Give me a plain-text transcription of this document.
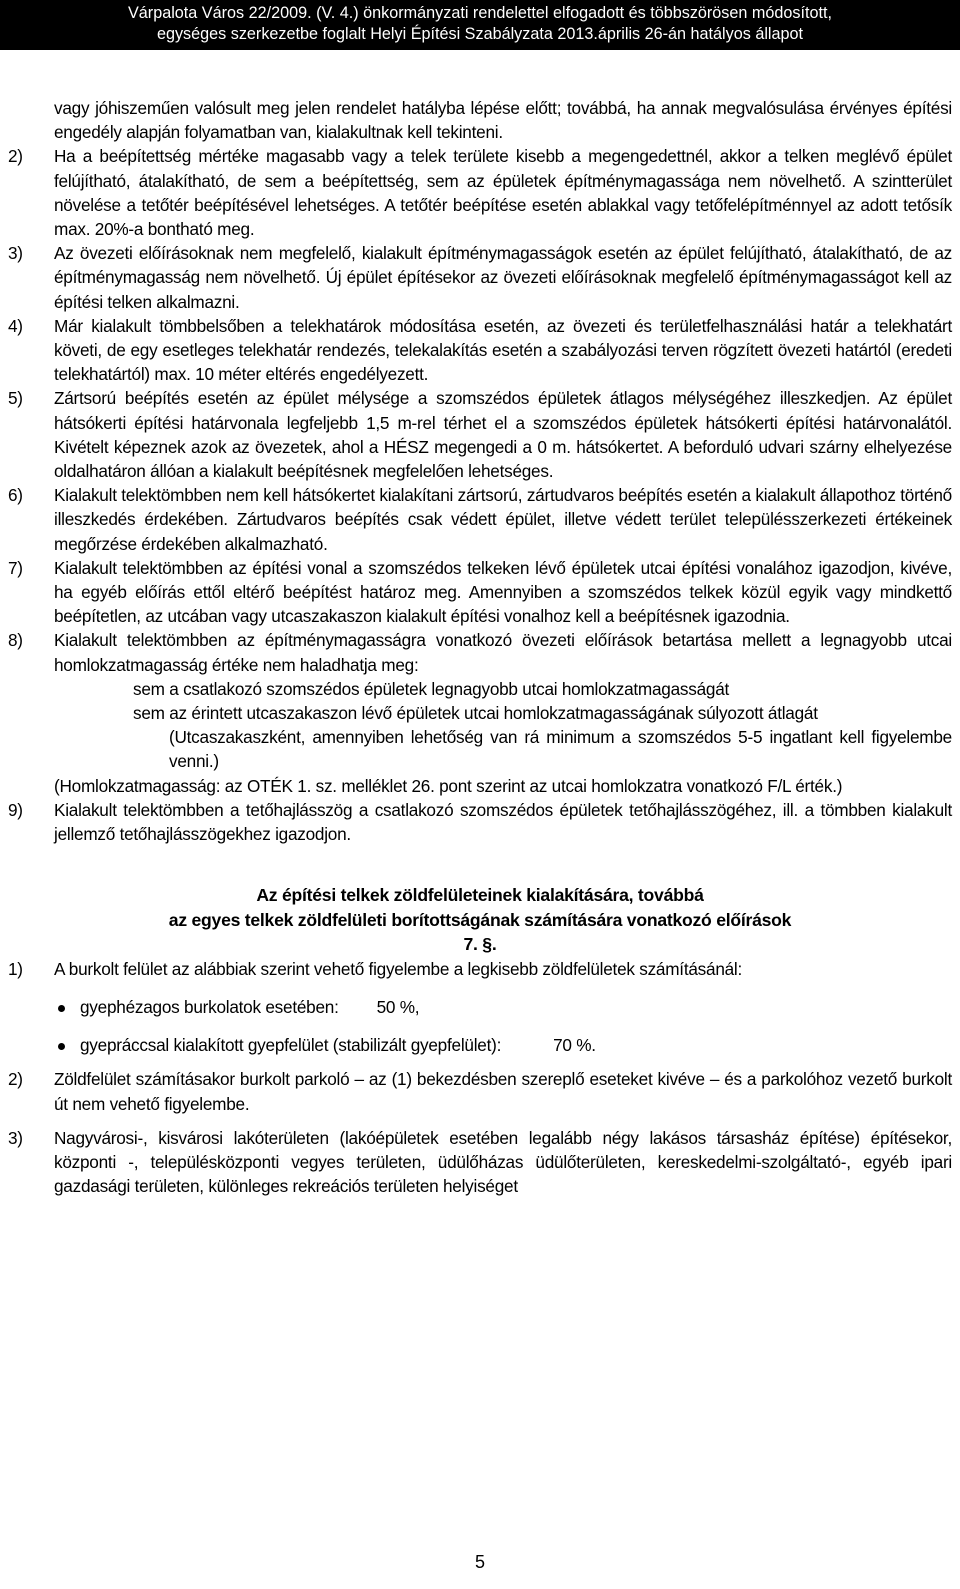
Várpalota Város 22/2009. (V. 4.) önkormányzati rendelettel elfogadott és többszörösen módosított,
egységes szerkezetbe foglalt Helyi Építési Szabályzata 2013.április 26-án hatályos állapot
vagy jóhiszeműen valósult meg jelen rendelet hatályba lépése előtt; továbbá, ha annak megvalósulása érvényes építési engedély alapján folyamatban van, kialakultnak kell tekinteni.
2) Ha a beépítettség mértéke magasabb vagy a telek területe kisebb a megengedettnél, akkor a telken meglévő épület felújítható, átalakítható, de sem a beépítettség, sem az épületek építménymagassága nem növelhető. A szintterület növelése a tetőtér beépítésével lehetséges. A tetőtér beépítése esetén ablakkal vagy tetőfelépítménnyel az adott tetősík max. 20%-a bontható meg.
3) Az övezeti előírásoknak nem megfelelő, kialakult építménymagasságok esetén az épület felújítható, átalakítható, de az építménymagasság nem növelhető. Új épület építésekor az övezeti előírásoknak megfelelő építménymagasságot kell az építési telken alkalmazni.
4) Már kialakult tömbbelsőben a telekhatárok módosítása esetén, az övezeti és területfelhasználási határ a telekhatárt követi, de egy esetleges telekhatár rendezés, telekalakítás esetén a szabályozási terven rögzített övezeti határtól (eredeti telekhatártól) max. 10 méter eltérés engedélyezett.
5) Zártsorú beépítés esetén az épület mélysége a szomszédos épületek átlagos mélységéhez illeszkedjen. Az épület hátsókerti építési határvonala legfeljebb 1,5 m-rel térhet el a szomszédos épületek hátsókerti építési határvonalától. Kivételt képeznek azok az övezetek, ahol a HÉSZ megengedi a 0 m. hátsókertet. A beforduló udvari szárny elhelyezése oldalhatáron állóan a kialakult beépítésnek megfelelően lehetséges.
6) Kialakult telektömbben nem kell hátsókertet kialakítani zártsorú, zártudvaros beépítés esetén a kialakult állapothoz történő illeszkedés érdekében. Zártudvaros beépítés csak védett épület, illetve védett terület településszerkezeti értékeinek megőrzése érdekében alkalmazható.
7) Kialakult telektömbben az építési vonal a szomszédos telkeken lévő épületek utcai építési vonalához igazodjon, kivéve, ha egyéb előírás ettől eltérő beépítést határoz meg. Amennyiben a szomszédos telkek közül egyik vagy mindkettő beépítetlen, az utcában vagy utcaszakaszon kialakult építési vonalhoz kell a beépítésnek igazodnia.
8) Kialakult telektömbben az építménymagasságra vonatkozó övezeti előírások betartása mellett a legnagyobb utcai homlokzatmagasság értéke nem haladhatja meg:
sem a csatlakozó szomszédos épületek legnagyobb utcai homlokzatmagasságát
sem az érintett utcaszakaszon lévő épületek utcai homlokzatmagasságának súlyozott átlagát
(Utcaszakaszként, amennyiben lehetőség van rá minimum a szomszédos 5-5 ingatlant kell figyelembe venni.)
(Homlokzatmagasság: az OTÉK 1. sz. melléklet 26. pont szerint az utcai homlokzatra vonatkozó F/L érték.)
9) Kialakult telektömbben a tetőhajlásszög a csatlakozó szomszédos épületek tetőhajlásszögéhez, ill. a tömbben kialakult jellemző tetőhajlásszögekhez igazodjon.
Az építési telkek zöldfelületeinek kialakítására, továbbá
az egyes telkek zöldfelületi borítottságának számítására vonatkozó előírások
7. §.
1) A burkolt felület az alábbiak szerint vehető figyelembe a legkisebb zöldfelületek számításánál:
gyephézagos burkolatok esetében: 50 %,
gyepráccsal kialakított gyepfelület (stabilizált gyepfelület):	70 %.
2) Zöldfelület számításakor burkolt parkoló – az (1) bekezdésben szereplő eseteket kivéve – és a parkolóhoz vezető burkolt út nem vehető figyelembe.
3) Nagyvárosi-, kisvárosi lakóterületen (lakóépületek esetében legalább négy lakásos társasház építése) építésekor, központi -, településközponti vegyes területen, üdülőházas üdülőterületen, kereskedelmi-szolgáltató-, egyéb ipari gazdasági területen, különleges rekreációs területen helyiséget
5
